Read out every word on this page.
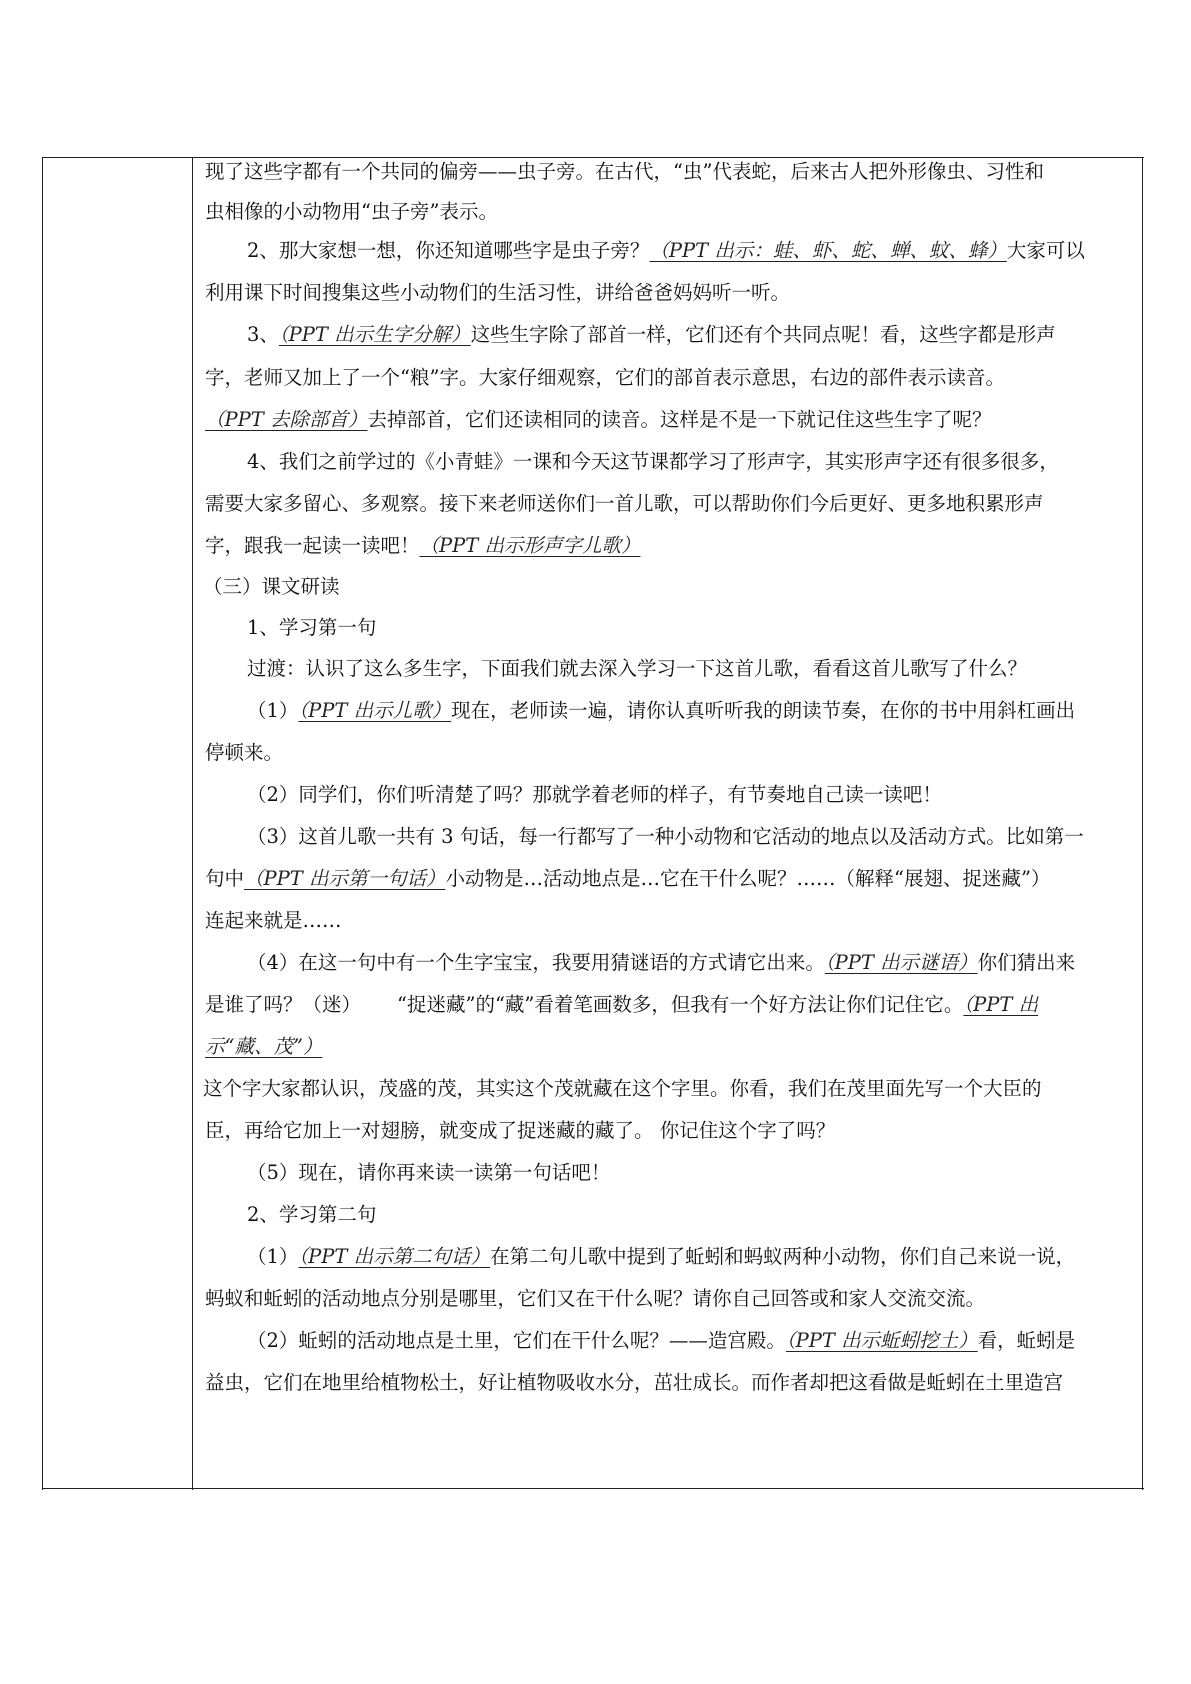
现了这些字都有一个共同的偏旁——虫子旁。在古代，“虫”代表蛇，后来古人把外形像虫、习性和
虫相像的小动物用“虫子旁”表示。
2、那大家想一想，你还知道哪些字是虫子旁？（PPT 出示：蛙、虾、蛇、蝉、蚊、蜂）大家可以
利用课下时间搜集这些小动物们的生活习性，讲给爸爸妈妈听一听。
3、（PPT 出示生字分解）这些生字除了部首一样，它们还有个共同点呢！看，这些字都是形声
字，老师又加上了一个“粮”字。大家仔细观察，它们的部首表示意思，右边的部件表示读音。
（PPT 去除部首）去掉部首，它们还读相同的读音。这样是不是一下就记住这些生字了呢？
4、我们之前学过的《小青蛙》一课和今天这节课都学习了形声字，其实形声字还有很多很多，
需要大家多留心、多观察。接下来老师送你们一首儿歌，可以帮助你们今后更好、更多地积累形声
字，跟我一起读一读吧！（PPT 出示形声字儿歌）
（三）课文研读
1、学习第一句
过渡：认识了这么多生字，下面我们就去深入学习一下这首儿歌，看看这首儿歌写了什么？
（1）（PPT 出示儿歌）现在，老师读一遍，请你认真听听我的朗读节奏，在你的书中用斜杠画出
停顿来。
（2）同学们，你们听清楚了吗？那就学着老师的样子，有节奏地自己读一读吧！
（3）这首儿歌一共有 3 句话，每一行都写了一种小动物和它活动的地点以及活动方式。比如第一
句中（PPT 出示第一句话）小动物是…活动地点是…它在干什么呢？……（解释“展翅、捉迷藏”）
连起来就是……
（4）在这一句中有一个生字宝宝，我要用猜谜语的方式请它出来。（PPT 出示谜语）你们猜出来
是谁了吗？（迷） “捉迷藏”的“藏”看着笔画数多，但我有一个好方法让你们记住它。（PPT 出
示“藏、茂”）
这个字大家都认识，茂盛的茂，其实这个茂就藏在这个字里。你看，我们在茂里面先写一个大臣的
臣，再给它加上一对翅膀，就变成了捉迷藏的藏了。 你记住这个字了吗？
（5）现在，请你再来读一读第一句话吧！
2、学习第二句
（1）（PPT 出示第二句话）在第二句儿歌中提到了蚯蚓和蚂蚁两种小动物，你们自己来说一说，
蚂蚁和蚯蚓的活动地点分别是哪里，它们又在干什么呢？请你自己回答或和家人交流交流。
（2）蚯蚓的活动地点是土里，它们在干什么呢？——造宫殿。（PPT 出示蚯蚓挖土）看，蚯蚓是
益虫，它们在地里给植物松土，好让植物吸收水分，茁壮成长。而作者却把这看做是蚯蚓在土里造宫
